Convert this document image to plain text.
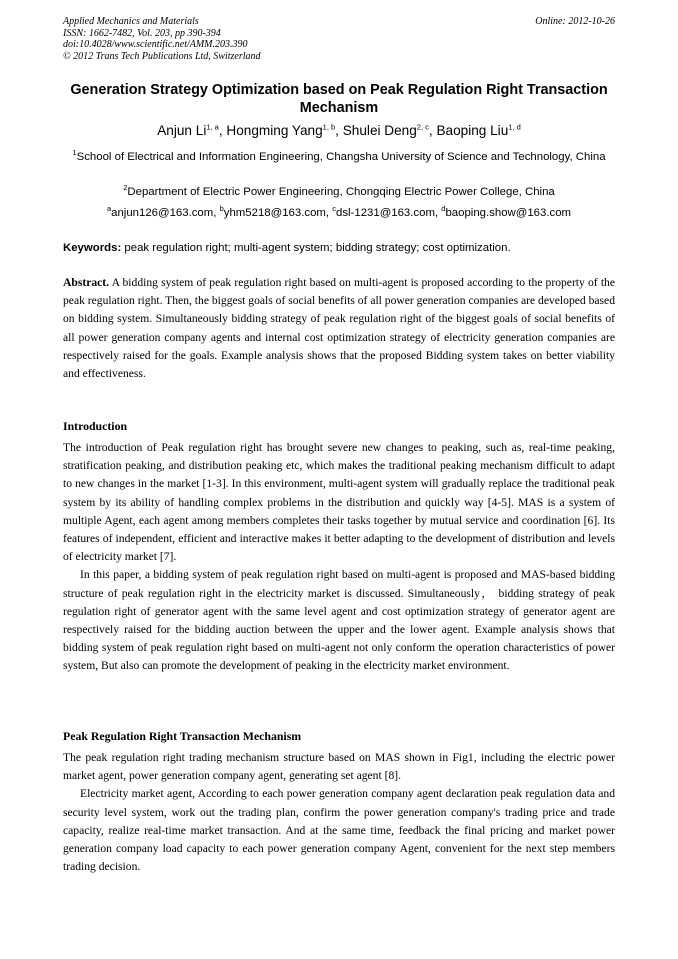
Applied Mechanics and Materials
ISSN: 1662-7482, Vol. 203, pp 390-394
doi:10.4028/www.scientific.net/AMM.203.390
© 2012 Trans Tech Publications Ltd, Switzerland
Online: 2012-10-26
Generation Strategy Optimization based on Peak Regulation Right Transaction Mechanism
Anjun Li$^{1, a}$, Hongming Yang$^{1, b}$, Shulei Deng$^{2, c}$, Baoping Liu$^{1, d}$
$^1$School of Electrical and Information Engineering, Changsha University of Science and Technology, China
$^2$Department of Electric Power Engineering, Chongqing Electric Power College, China
$^a$anjun126@163.com, $^b$yhm5218@163.com, $^c$dsl-1231@163.com, $^d$baoping.show@163.com
Keywords: peak regulation right; multi-agent system; bidding strategy; cost optimization.

Abstract. A bidding system of peak regulation right based on multi-agent is proposed according to the property of the peak regulation right. Then, the biggest goals of social benefits of all power generation companies are developed based on bidding system. Simultaneously bidding strategy of peak regulation right of the biggest goals of social benefits of all power generation company agents and internal cost optimization strategy of electricity generation companies are respectively raised for the goals. Example analysis shows that the proposed Bidding system takes on better viability and effectiveness.

Introduction

The introduction of Peak regulation right has brought severe new changes to peaking, such as, real-time peaking, stratification peaking, and distribution peaking etc, which makes the traditional peaking mechanism difficult to adapt to new changes in the market [1-3]. In this environment, multi-agent system will gradually replace the traditional peak system by its ability of handling complex problems in the distribution and quickly way [4-5]. MAS is a system of multiple Agent, each agent among members completes their tasks together by mutual service and coordination [6]. Its features of independent, efficient and interactive makes it better adapting to the development of distribution and levels of electricity market [7].

In this paper, a bidding system of peak regulation right based on multi-agent is proposed and MAS-based bidding structure of peak regulation right in the electricity market is discussed. Simultaneously， bidding strategy of peak regulation right of generator agent with the same level agent and cost optimization strategy of generator agent are respectively raised for the bidding auction between the upper and the lower agent. Example analysis shows that bidding system of peak regulation right based on multi-agent not only conform the operation characteristics of power system, But also can promote the development of peaking in the electricity market environment.

Peak Regulation Right Transaction Mechanism

The peak regulation right trading mechanism structure based on MAS shown in Fig1, including the electric power market agent, power generation company agent, generating set agent [8].

Electricity market agent, According to each power generation company agent declaration peak regulation data and security level system, work out the trading plan, confirm the power generation company's trading price and trade capacity, realize real-time market transaction. And at the same time, feedback the final pricing and market power generation company load capacity to each power generation company Agent, convenient for the next step members trading decision.
